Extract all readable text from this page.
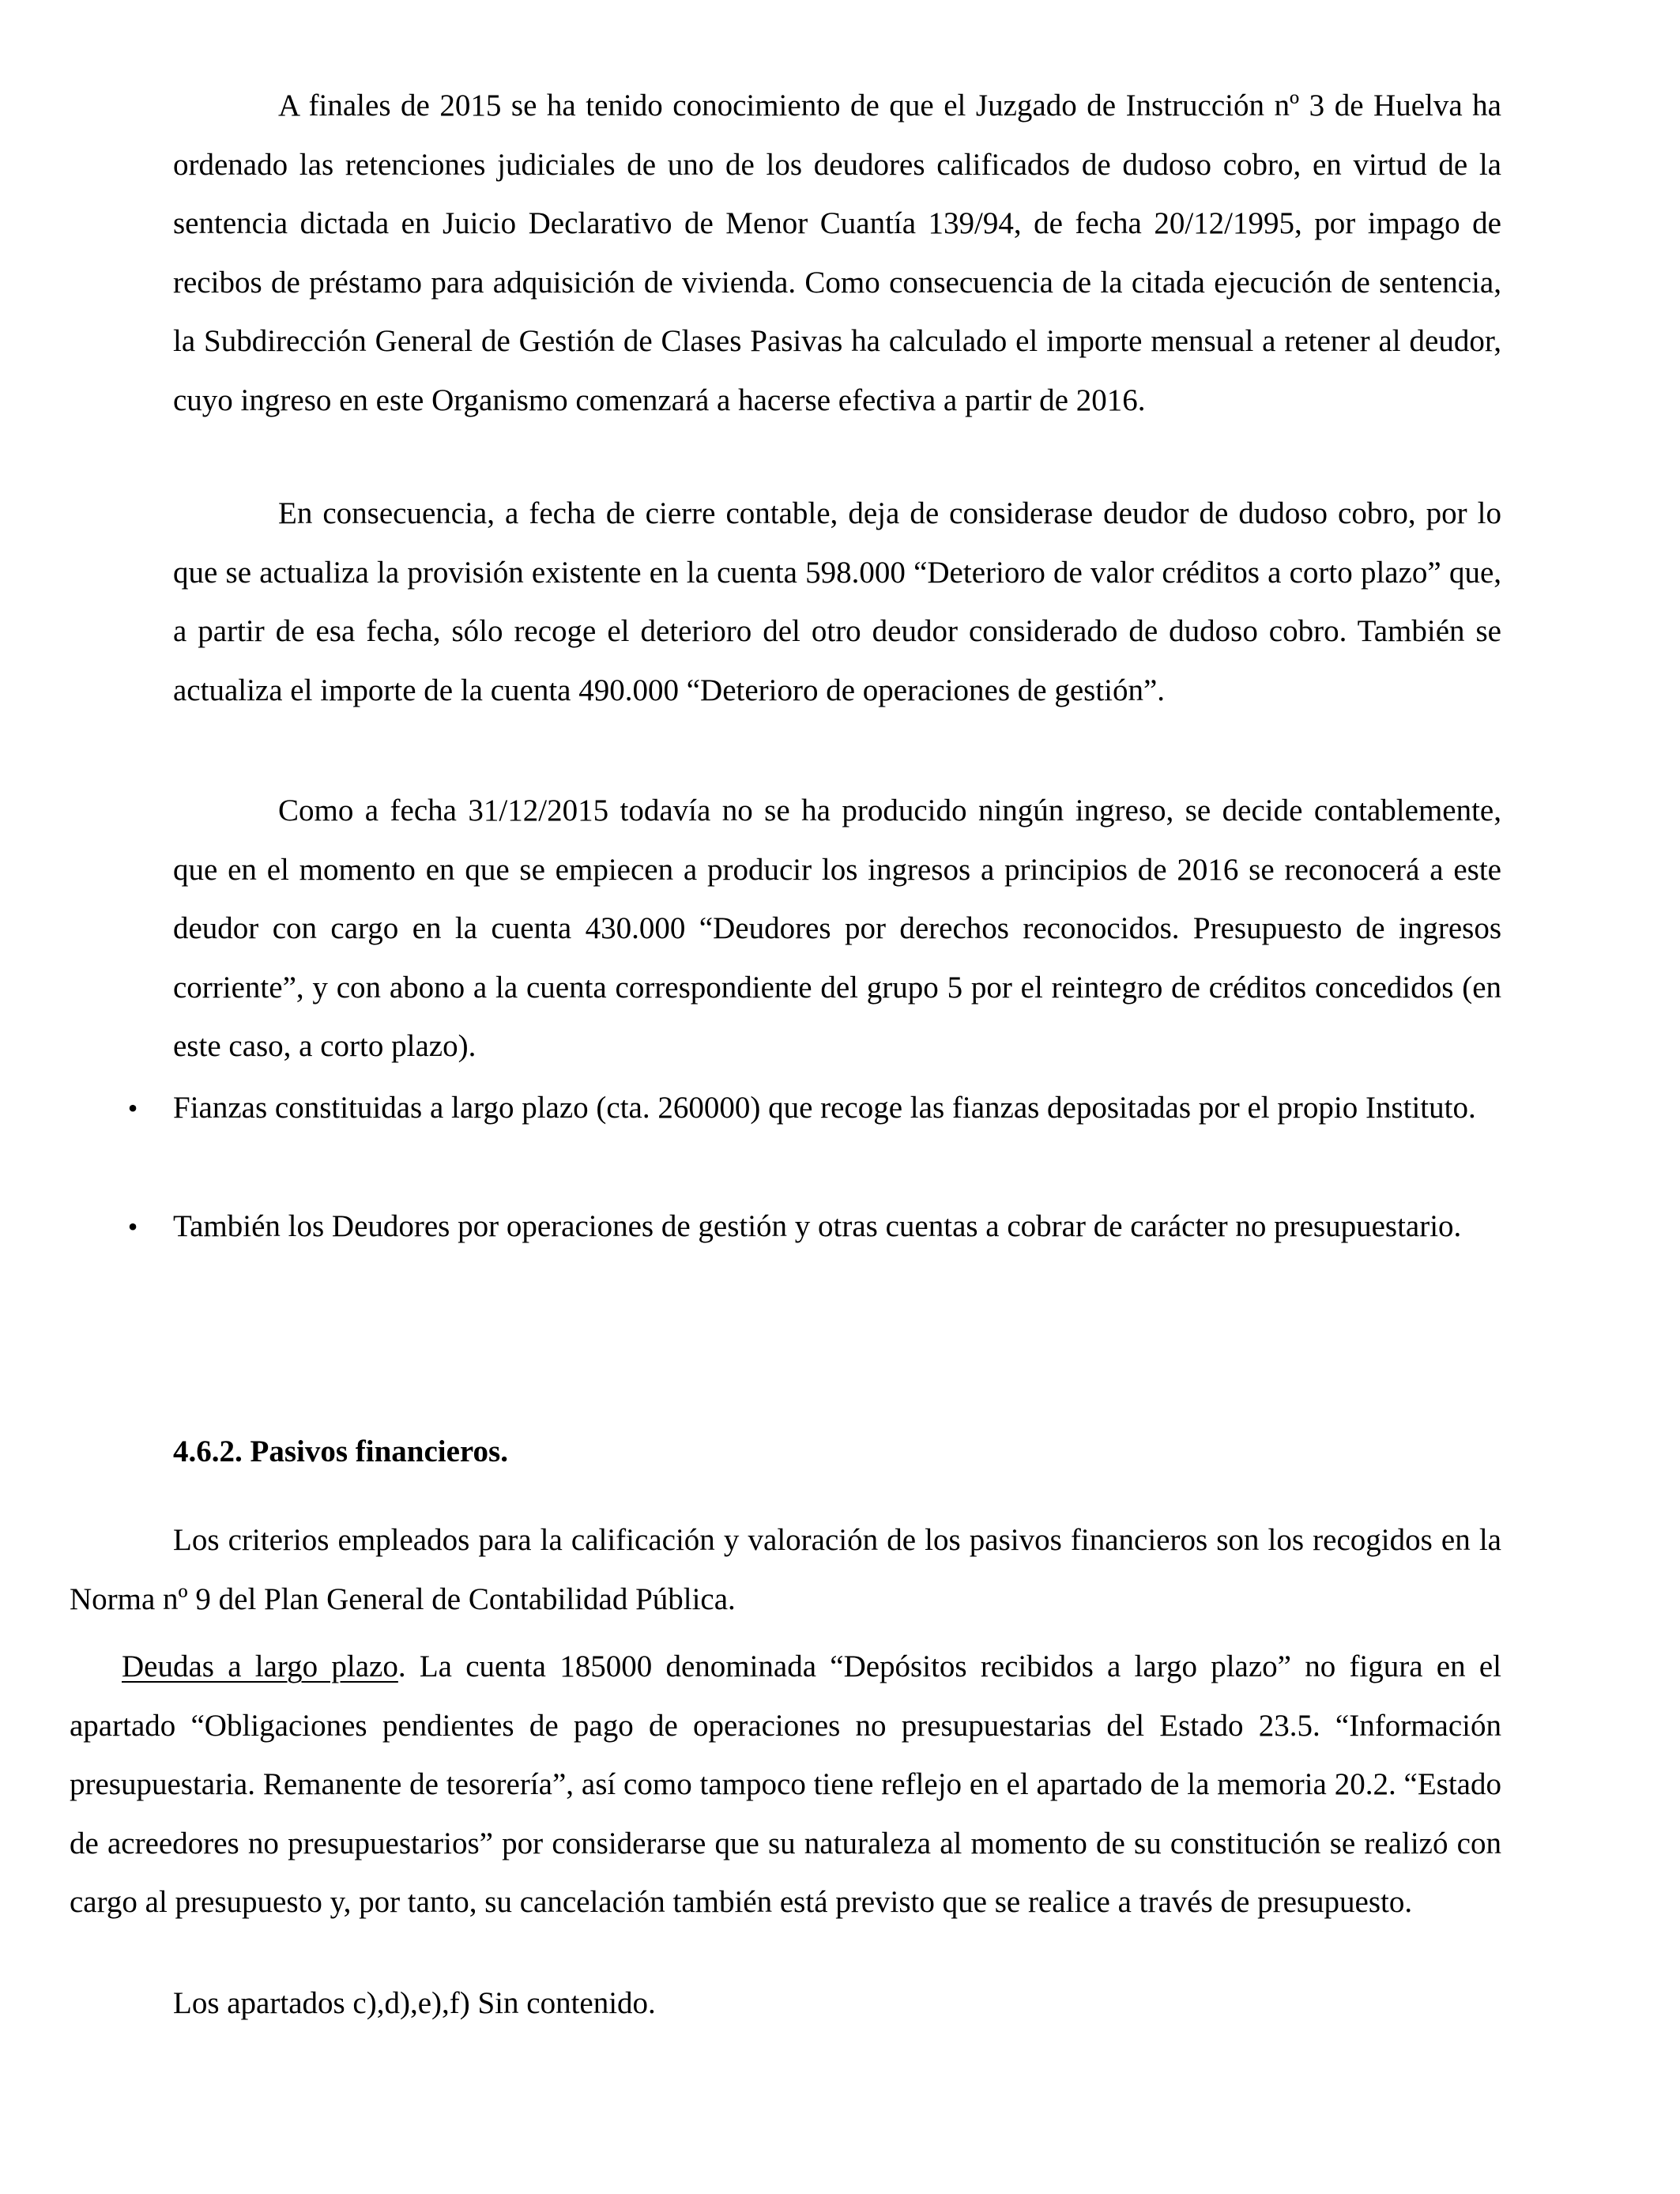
A finales de 2015 se ha tenido conocimiento de que el Juzgado de Instrucción nº 3 de Huelva ha ordenado las retenciones judiciales de uno de los deudores calificados de dudoso cobro, en virtud de la sentencia dictada en Juicio Declarativo de Menor Cuantía 139/94, de fecha 20/12/1995, por impago de recibos de préstamo para adquisición de vivienda. Como consecuencia de la citada ejecución de sentencia, la Subdirección General de Gestión de Clases Pasivas ha calculado el importe mensual a retener al deudor, cuyo ingreso en este Organismo comenzará a hacerse efectiva a partir de 2016.

En consecuencia, a fecha de cierre contable, deja de considerase deudor de dudoso cobro, por lo que se actualiza la provisión existente en la cuenta 598.000 “Deterioro de valor créditos a corto plazo” que, a partir de esa fecha, sólo recoge el deterioro del otro deudor considerado de dudoso cobro. También se actualiza el importe de la cuenta 490.000 “Deterioro de operaciones de gestión”.

Como a fecha 31/12/2015 todavía no se ha producido ningún ingreso, se decide contablemente, que en el momento en que se empiecen a producir los ingresos a principios de 2016 se reconocerá a este deudor con cargo en la cuenta 430.000 “Deudores por derechos reconocidos. Presupuesto de ingresos corriente”, y con abono a la cuenta correspondiente del grupo 5 por el reintegro de créditos concedidos (en este caso, a corto plazo).

• Fianzas constituidas a largo plazo (cta. 260000) que recoge las fianzas depositadas por el propio Instituto.

• También los Deudores por operaciones de gestión y otras cuentas a cobrar de carácter no presupuestario.

4.6.2. Pasivos financieros.

Los criterios empleados para la calificación y valoración de los pasivos financieros son los recogidos en la Norma nº 9 del Plan General de Contabilidad Pública.

Deudas a largo plazo. La cuenta 185000 denominada “Depósitos recibidos a largo plazo” no figura en el apartado “Obligaciones pendientes de pago de operaciones no presupuestarias del Estado 23.5. “Información presupuestaria. Remanente de tesorería”, así como tampoco tiene reflejo en el apartado de la memoria 20.2. “Estado de acreedores no presupuestarios” por considerarse que su naturaleza al momento de su constitución se realizó con cargo al presupuesto y, por tanto, su cancelación también está previsto que se realice a través de presupuesto.

Los apartados c),d),e),f) Sin contenido.
